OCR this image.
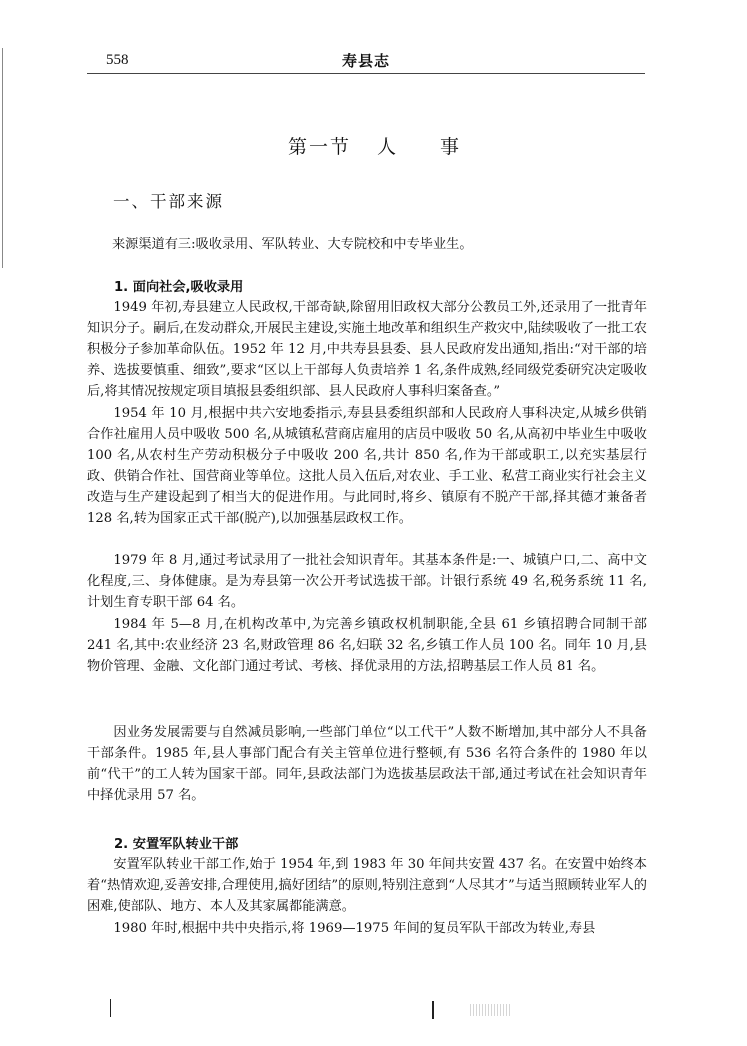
558	寿县志
第一节 人 事
一、干部来源
来源渠道有三:吸收录用、军队转业、大专院校和中专毕业生。
1. 面向社会,吸收录用
1949 年初,寿县建立人民政权,干部奇缺,除留用旧政权大部分公教员工外,还录用了一批青年知识分子。嗣后,在发动群众,开展民主建设,实施土地改革和组织生产救灾中,陆续吸收了一批工农积极分子参加革命队伍。1952 年 12 月,中共寿县县委、县人民政府发出通知,指出:“对干部的培养、选拔要慎重、细致”,要求“区以上干部每人负责培养 1 名,条件成熟,经同级党委研究决定吸收后,将其情况按规定项目填报县委组织部、县人民政府人事科归案备查。”
1954 年 10 月,根据中共六安地委指示,寿县县委组织部和人民政府人事科决定,从城乡供销合作社雇用人员中吸收 500 名,从城镇私营商店雇用的店员中吸收 50 名,从高初中毕业生中吸收 100 名,从农村生产劳动积极分子中吸收 200 名,共计 850 名,作为干部或职工,以充实基层行政、供销合作社、国营商业等单位。这批人员入伍后,对农业、手工业、私营工商业实行社会主义改造与生产建设起到了相当大的促进作用。与此同时,将乡、镇原有不脱产干部,择其德才兼备者 128 名,转为国家正式干部(脱产),以加强基层政权工作。
1979 年 8 月,通过考试录用了一批社会知识青年。其基本条件是:一、城镇户口,二、高中文化程度,三、身体健康。是为寿县第一次公开考试选拔干部。计银行系统 49 名,税务系统 11 名,计划生育专职干部 64 名。
1984 年 5—8 月,在机构改革中,为完善乡镇政权机制职能,全县 61 乡镇招聘合同制干部 241 名,其中:农业经济 23 名,财政管理 86 名,妇联 32 名,乡镇工作人员 100 名。同年 10 月,县物价管理、金融、文化部门通过考试、考核、择优录用的方法,招聘基层工作人员 81 名。
因业务发展需要与自然减员影响,一些部门单位“以工代干”人数不断增加,其中部分人不具备干部条件。1985 年,县人事部门配合有关主管单位进行整顿,有 536 名符合条件的 1980 年以前“代干”的工人转为国家干部。同年,县政法部门为选拔基层政法干部,通过考试在社会知识青年中择优录用 57 名。
2. 安置军队转业干部
安置军队转业干部工作,始于 1954 年,到 1983 年 30 年间共安置 437 名。在安置中始终本着“热情欢迎,妥善安排,合理使用,搞好团结”的原则,特别注意到“人尽其才”与适当照顾转业军人的困难,使部队、地方、本人及其家属都能满意。
1980 年时,根据中共中央指示,将 1969—1975 年间的复员军队干部改为转业,寿县
